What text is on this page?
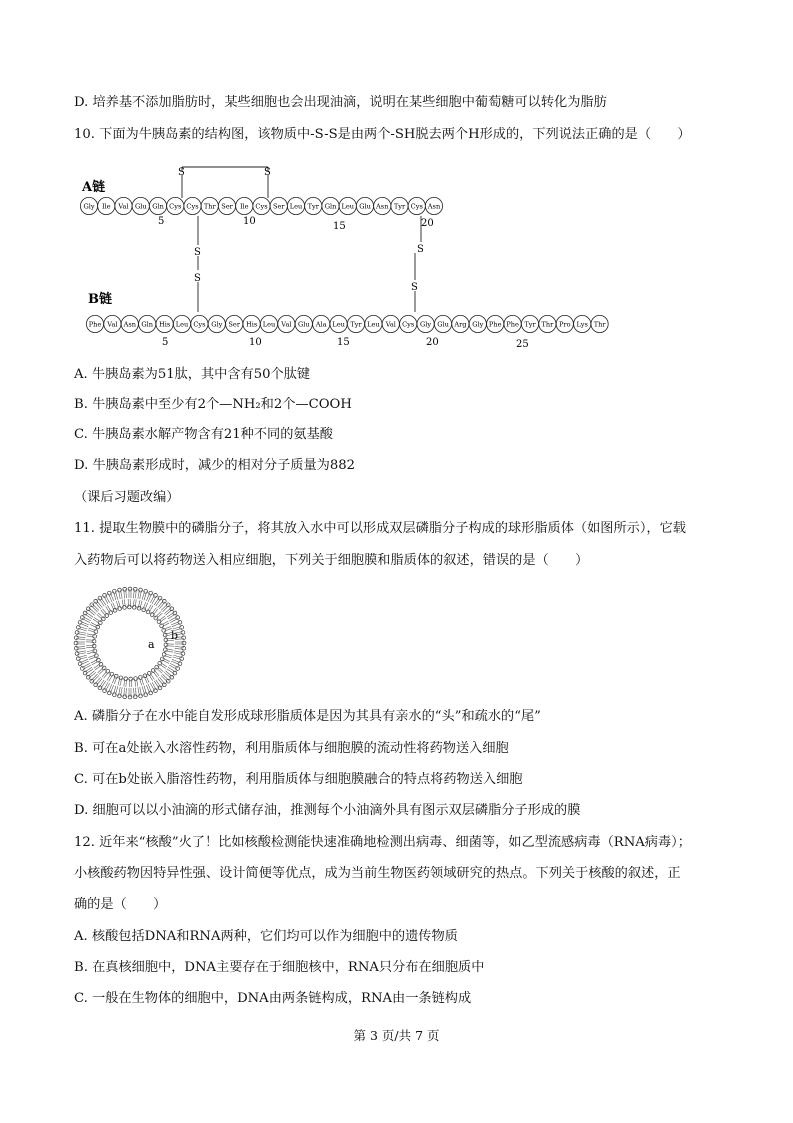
D. 培养基不添加脂肪时，某些细胞也会出现油滴，说明在某些细胞中葡萄糖可以转化为脂肪
10. 下面为牛胰岛素的结构图，该物质中-S-S是由两个-SH脱去两个H形成的，下列说法正确的是（　　）
A链
B链
S	S
S
S
S
S
Gly Ile Val Glu Gln Cys Cys Thr Ser Ile Cys Ser Leu Tyr Gln Leu Glu Asn Tyr Cys Asn
Phe Val Asn Gln His Leu Cys Gly Ser His Leu Val Glu Ala Leu Tyr Leu Val Cys Gly Glu Arg Gly Phe Phe Tyr Thr Pro Lys Thr
5	10	15	20
5	10	15	20	25
A. 牛胰岛素为51肽，其中含有50个肽键
B. 牛胰岛素中至少有2个—NH₂和2个—COOH
C. 牛胰岛素水解产物含有21种不同的氨基酸
D. 牛胰岛素形成时，减少的相对分子质量为882
（课后习题改编）
11. 提取生物膜中的磷脂分子，将其放入水中可以形成双层磷脂分子构成的球形脂质体（如图所示），它载
入药物后可以将药物送入相应细胞，下列关于细胞膜和脂质体的叙述，错误的是（　　）
a
b
A. 磷脂分子在水中能自发形成球形脂质体是因为其具有亲水的“头”和疏水的“尾”
B. 可在a处嵌入水溶性药物，利用脂质体与细胞膜的流动性将药物送入细胞
C. 可在b处嵌入脂溶性药物，利用脂质体与细胞膜融合的特点将药物送入细胞
D. 细胞可以以小油滴的形式储存油，推测每个小油滴外具有图示双层磷脂分子形成的膜
12. 近年来“核酸”火了！比如核酸检测能快速准确地检测出病毒、细菌等，如乙型流感病毒（RNA病毒）；
小核酸药物因特异性强、设计简便等优点，成为当前生物医药领域研究的热点。下列关于核酸的叙述，正
确的是（　　）
A. 核酸包括DNA和RNA两种，它们均可以作为细胞中的遗传物质
B. 在真核细胞中，DNA主要存在于细胞核中，RNA只分布在细胞质中
C. 一般在生物体的细胞中，DNA由两条链构成，RNA由一条链构成
第 3 页/共 7 页
